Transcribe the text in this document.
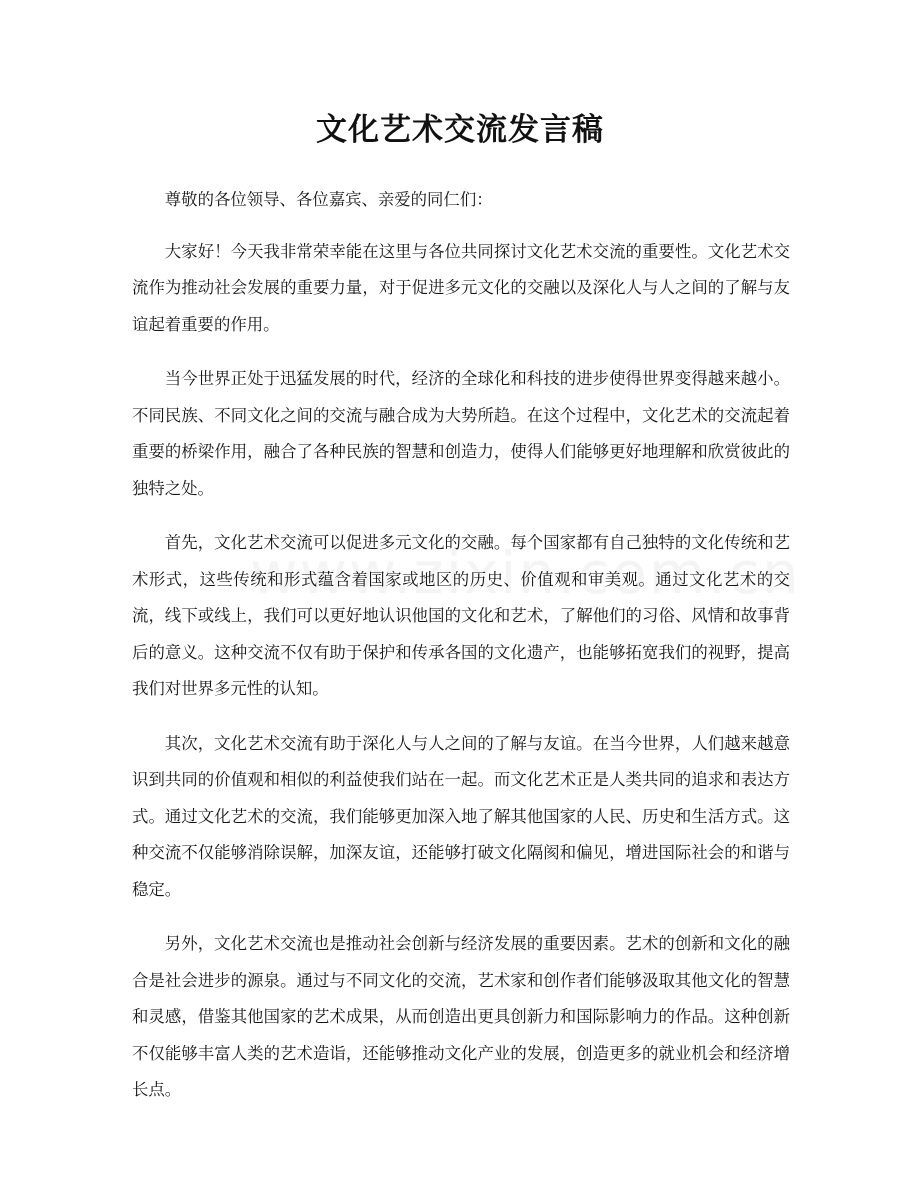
文化艺术交流发言稿

尊敬的各位领导、各位嘉宾、亲爱的同仁们：

大家好！今天我非常荣幸能在这里与各位共同探讨文化艺术交流的重要性。文化艺术交流作为推动社会发展的重要力量，对于促进多元文化的交融以及深化人与人之间的了解与友谊起着重要的作用。

当今世界正处于迅猛发展的时代，经济的全球化和科技的进步使得世界变得越来越小。不同民族、不同文化之间的交流与融合成为大势所趋。在这个过程中，文化艺术的交流起着重要的桥梁作用，融合了各种民族的智慧和创造力，使得人们能够更好地理解和欣赏彼此的独特之处。

首先，文化艺术交流可以促进多元文化的交融。每个国家都有自己独特的文化传统和艺术形式，这些传统和形式蕴含着国家或地区的历史、价值观和审美观。通过文化艺术的交流，线下或线上，我们可以更好地认识他国的文化和艺术，了解他们的习俗、风情和故事背后的意义。这种交流不仅有助于保护和传承各国的文化遗产，也能够拓宽我们的视野，提高我们对世界多元性的认知。

其次，文化艺术交流有助于深化人与人之间的了解与友谊。在当今世界，人们越来越意识到共同的价值观和相似的利益使我们站在一起。而文化艺术正是人类共同的追求和表达方式。通过文化艺术的交流，我们能够更加深入地了解其他国家的人民、历史和生活方式。这种交流不仅能够消除误解，加深友谊，还能够打破文化隔阂和偏见，增进国际社会的和谐与稳定。

另外，文化艺术交流也是推动社会创新与经济发展的重要因素。艺术的创新和文化的融合是社会进步的源泉。通过与不同文化的交流，艺术家和创作者们能够汲取其他文化的智慧和灵感，借鉴其他国家的艺术成果，从而创造出更具创新力和国际影响力的作品。这种创新不仅能够丰富人类的艺术造诣，还能够推动文化产业的发展，创造更多的就业机会和经济增长点。
